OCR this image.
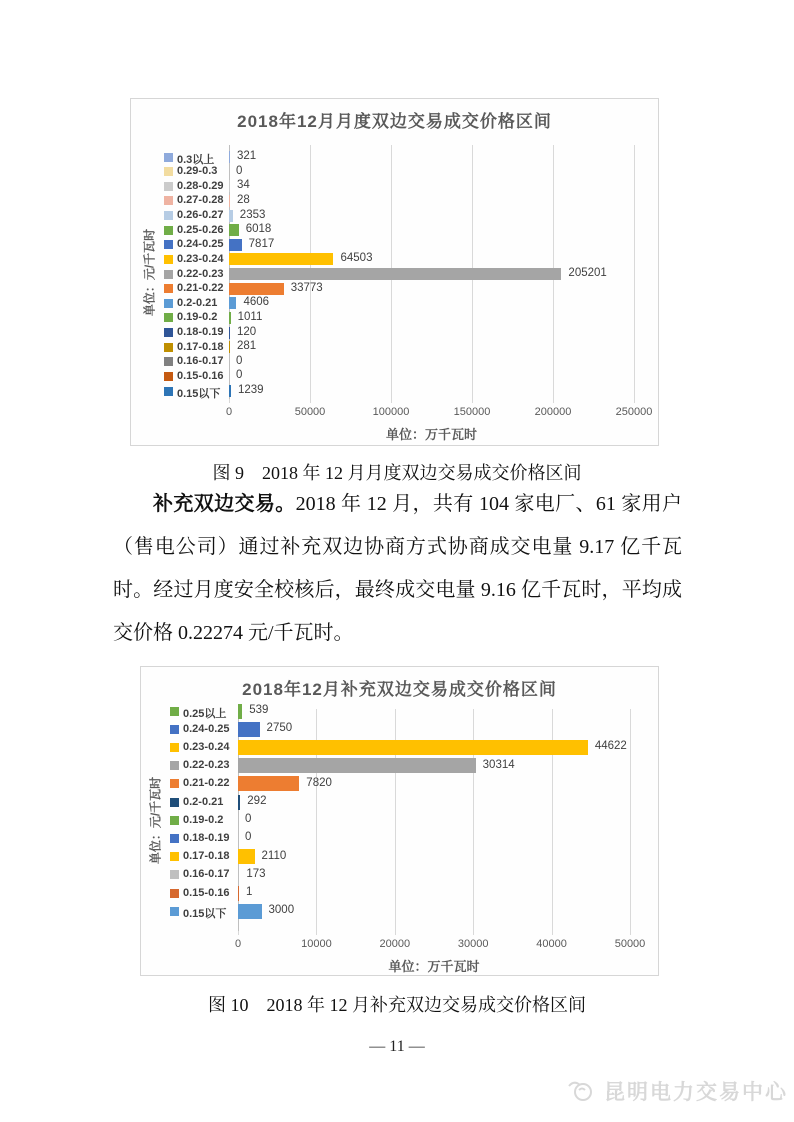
2018年12月月度双边交易成交价格区间
单位：元/千瓦时
0	50000	100000	150000	200000	250000
0.3以上 321
0.29-0.3 0
0.28-0.29 34
0.27-0.28 28
0.26-0.27 2353
0.25-0.26 6018
0.24-0.25 7817
0.23-0.24	64503
0.22-0.23	205201
0.21-0.22	33773
0.2-0.21 4606
0.19-0.2 1011
0.18-0.19 120
0.17-0.18 281
0.16-0.17 0
0.15-0.16 0
0.15以下 1239
单位：万千瓦时
图 9　2018 年 12 月月度双边交易成交价格区间

补充双边交易。2018 年 12 月，共有 104 家电厂、61 家用户（售电公司）通过补充双边协商方式协商成交电量 9.17 亿千瓦时。经过月度安全校核后，最终成交电量 9.16 亿千瓦时，平均成交价格 0.22274 元/千瓦时。

2018年12月补充双边交易成交价格区间
单位：元/千瓦时
0	10000	20000	30000	40000	50000
0.25以上 539
0.24-0.25	2750
0.23-0.24	44622
0.22-0.23	30314
0.21-0.22	7820
0.2-0.21 292
0.19-0.2 0
0.18-0.19 0
0.17-0.18	2110
0.16-0.17 173
0.15-0.16 1
0.15以下	3000
单位：万千瓦时
图 10　2018 年 12 月补充双边交易成交价格区间
— 11 —
昆明电力交易中心
